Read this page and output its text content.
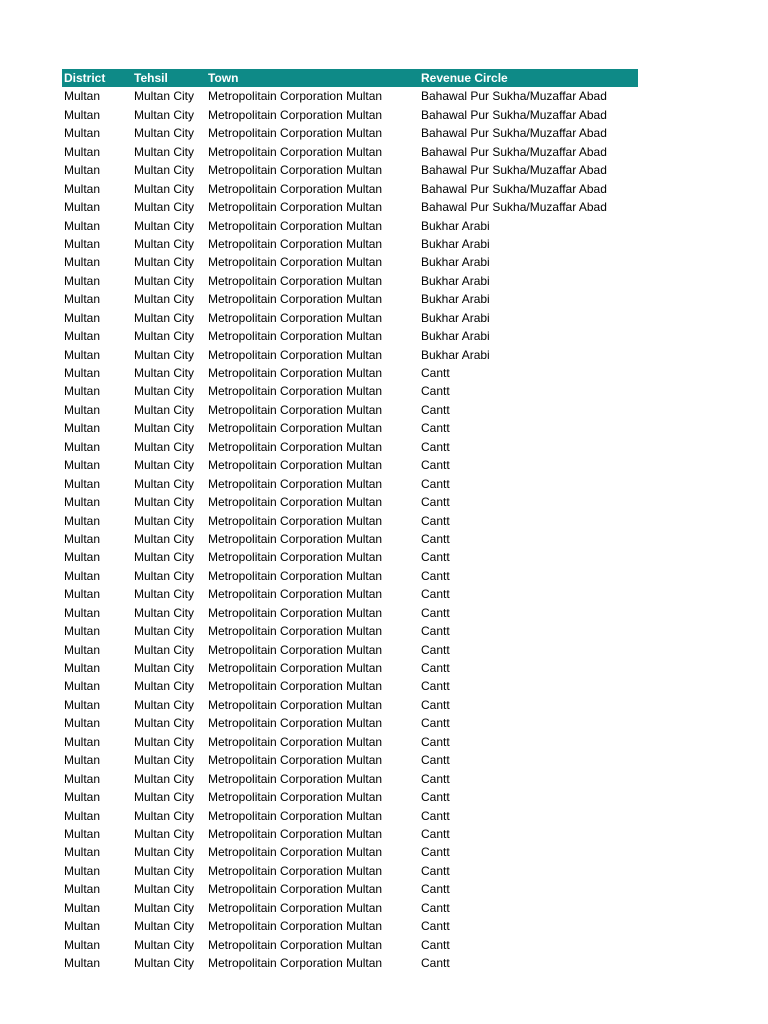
District	Tehsil	Town	Revenue Circle
Multan	Multan City	Metropolitain Corporation Multan	Bahawal Pur Sukha/Muzaffar Abad
Multan	Multan City	Metropolitain Corporation Multan	Bahawal Pur Sukha/Muzaffar Abad
Multan	Multan City	Metropolitain Corporation Multan	Bahawal Pur Sukha/Muzaffar Abad
Multan	Multan City	Metropolitain Corporation Multan	Bahawal Pur Sukha/Muzaffar Abad
Multan	Multan City	Metropolitain Corporation Multan	Bahawal Pur Sukha/Muzaffar Abad
Multan	Multan City	Metropolitain Corporation Multan	Bahawal Pur Sukha/Muzaffar Abad
Multan	Multan City	Metropolitain Corporation Multan	Bahawal Pur Sukha/Muzaffar Abad
Multan	Multan City	Metropolitain Corporation Multan	Bukhar Arabi
Multan	Multan City	Metropolitain Corporation Multan	Bukhar Arabi
Multan	Multan City	Metropolitain Corporation Multan	Bukhar Arabi
Multan	Multan City	Metropolitain Corporation Multan	Bukhar Arabi
Multan	Multan City	Metropolitain Corporation Multan	Bukhar Arabi
Multan	Multan City	Metropolitain Corporation Multan	Bukhar Arabi
Multan	Multan City	Metropolitain Corporation Multan	Bukhar Arabi
Multan	Multan City	Metropolitain Corporation Multan	Bukhar Arabi
Multan	Multan City	Metropolitain Corporation Multan	Cantt
Multan	Multan City	Metropolitain Corporation Multan	Cantt
Multan	Multan City	Metropolitain Corporation Multan	Cantt
Multan	Multan City	Metropolitain Corporation Multan	Cantt
Multan	Multan City	Metropolitain Corporation Multan	Cantt
Multan	Multan City	Metropolitain Corporation Multan	Cantt
Multan	Multan City	Metropolitain Corporation Multan	Cantt
Multan	Multan City	Metropolitain Corporation Multan	Cantt
Multan	Multan City	Metropolitain Corporation Multan	Cantt
Multan	Multan City	Metropolitain Corporation Multan	Cantt
Multan	Multan City	Metropolitain Corporation Multan	Cantt
Multan	Multan City	Metropolitain Corporation Multan	Cantt
Multan	Multan City	Metropolitain Corporation Multan	Cantt
Multan	Multan City	Metropolitain Corporation Multan	Cantt
Multan	Multan City	Metropolitain Corporation Multan	Cantt
Multan	Multan City	Metropolitain Corporation Multan	Cantt
Multan	Multan City	Metropolitain Corporation Multan	Cantt
Multan	Multan City	Metropolitain Corporation Multan	Cantt
Multan	Multan City	Metropolitain Corporation Multan	Cantt
Multan	Multan City	Metropolitain Corporation Multan	Cantt
Multan	Multan City	Metropolitain Corporation Multan	Cantt
Multan	Multan City	Metropolitain Corporation Multan	Cantt
Multan	Multan City	Metropolitain Corporation Multan	Cantt
Multan	Multan City	Metropolitain Corporation Multan	Cantt
Multan	Multan City	Metropolitain Corporation Multan	Cantt
Multan	Multan City	Metropolitain Corporation Multan	Cantt
Multan	Multan City	Metropolitain Corporation Multan	Cantt
Multan	Multan City	Metropolitain Corporation Multan	Cantt
Multan	Multan City	Metropolitain Corporation Multan	Cantt
Multan	Multan City	Metropolitain Corporation Multan	Cantt
Multan	Multan City	Metropolitain Corporation Multan	Cantt
Multan	Multan City	Metropolitain Corporation Multan	Cantt
Multan	Multan City	Metropolitain Corporation Multan	Cantt
